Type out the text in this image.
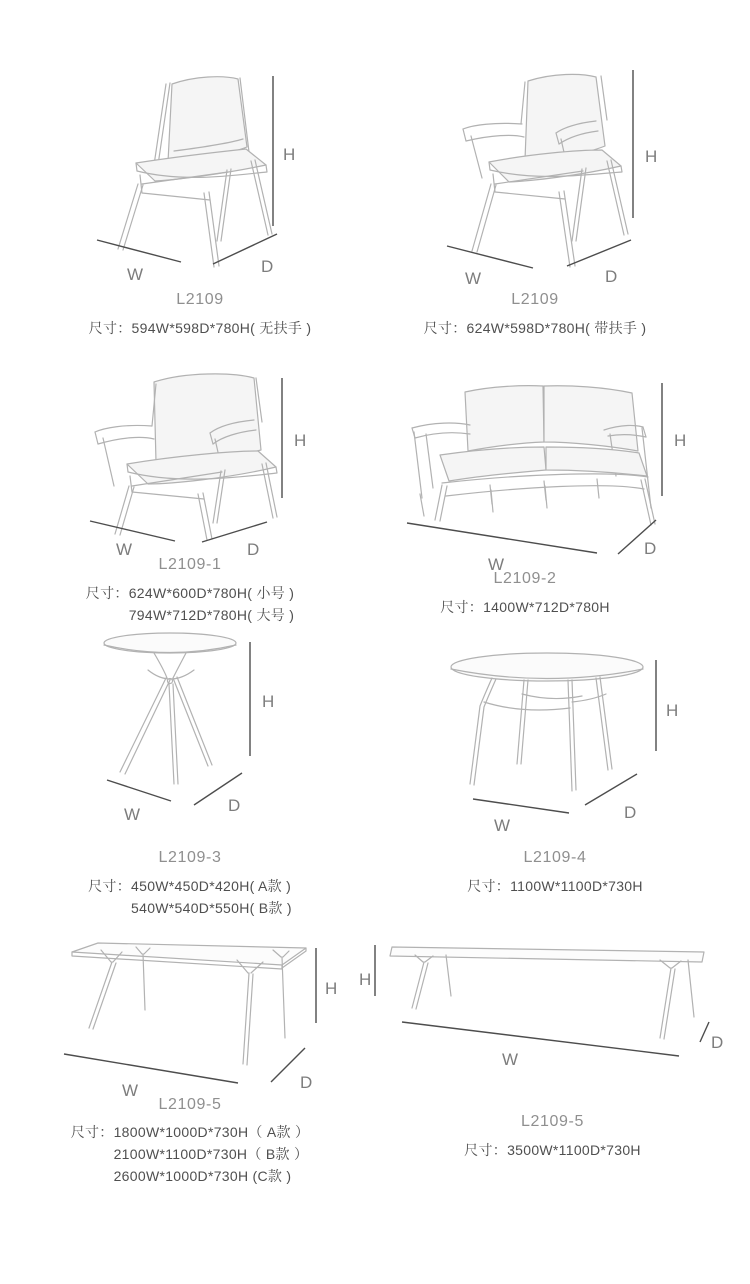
H
W	D
L2109
尺寸：594W*598D*780H( 无扶手 )
H
W	D
L2109
尺寸：624W*598D*780H( 带扶手 )
H
W	D
L2109-1
尺寸：624W*600D*780H( 小号 )
794W*712D*780H( 大号 )
H
W
D
L2109-2
尺寸：1400W*712D*780H
H
W	D
L2109-3
尺寸：450W*450D*420H( A款 )
540W*540D*550H( B款 )
H
W
D
L2109-4
尺寸：1100W*1100D*730H
H
W	D
L2109-5
尺寸：1800W*1000D*730H（ A款 ）
2100W*1100D*730H（ B款 ）
2600W*1000D*730H (C款 )
H
W
D
L2109-5
尺寸：3500W*1100D*730H
